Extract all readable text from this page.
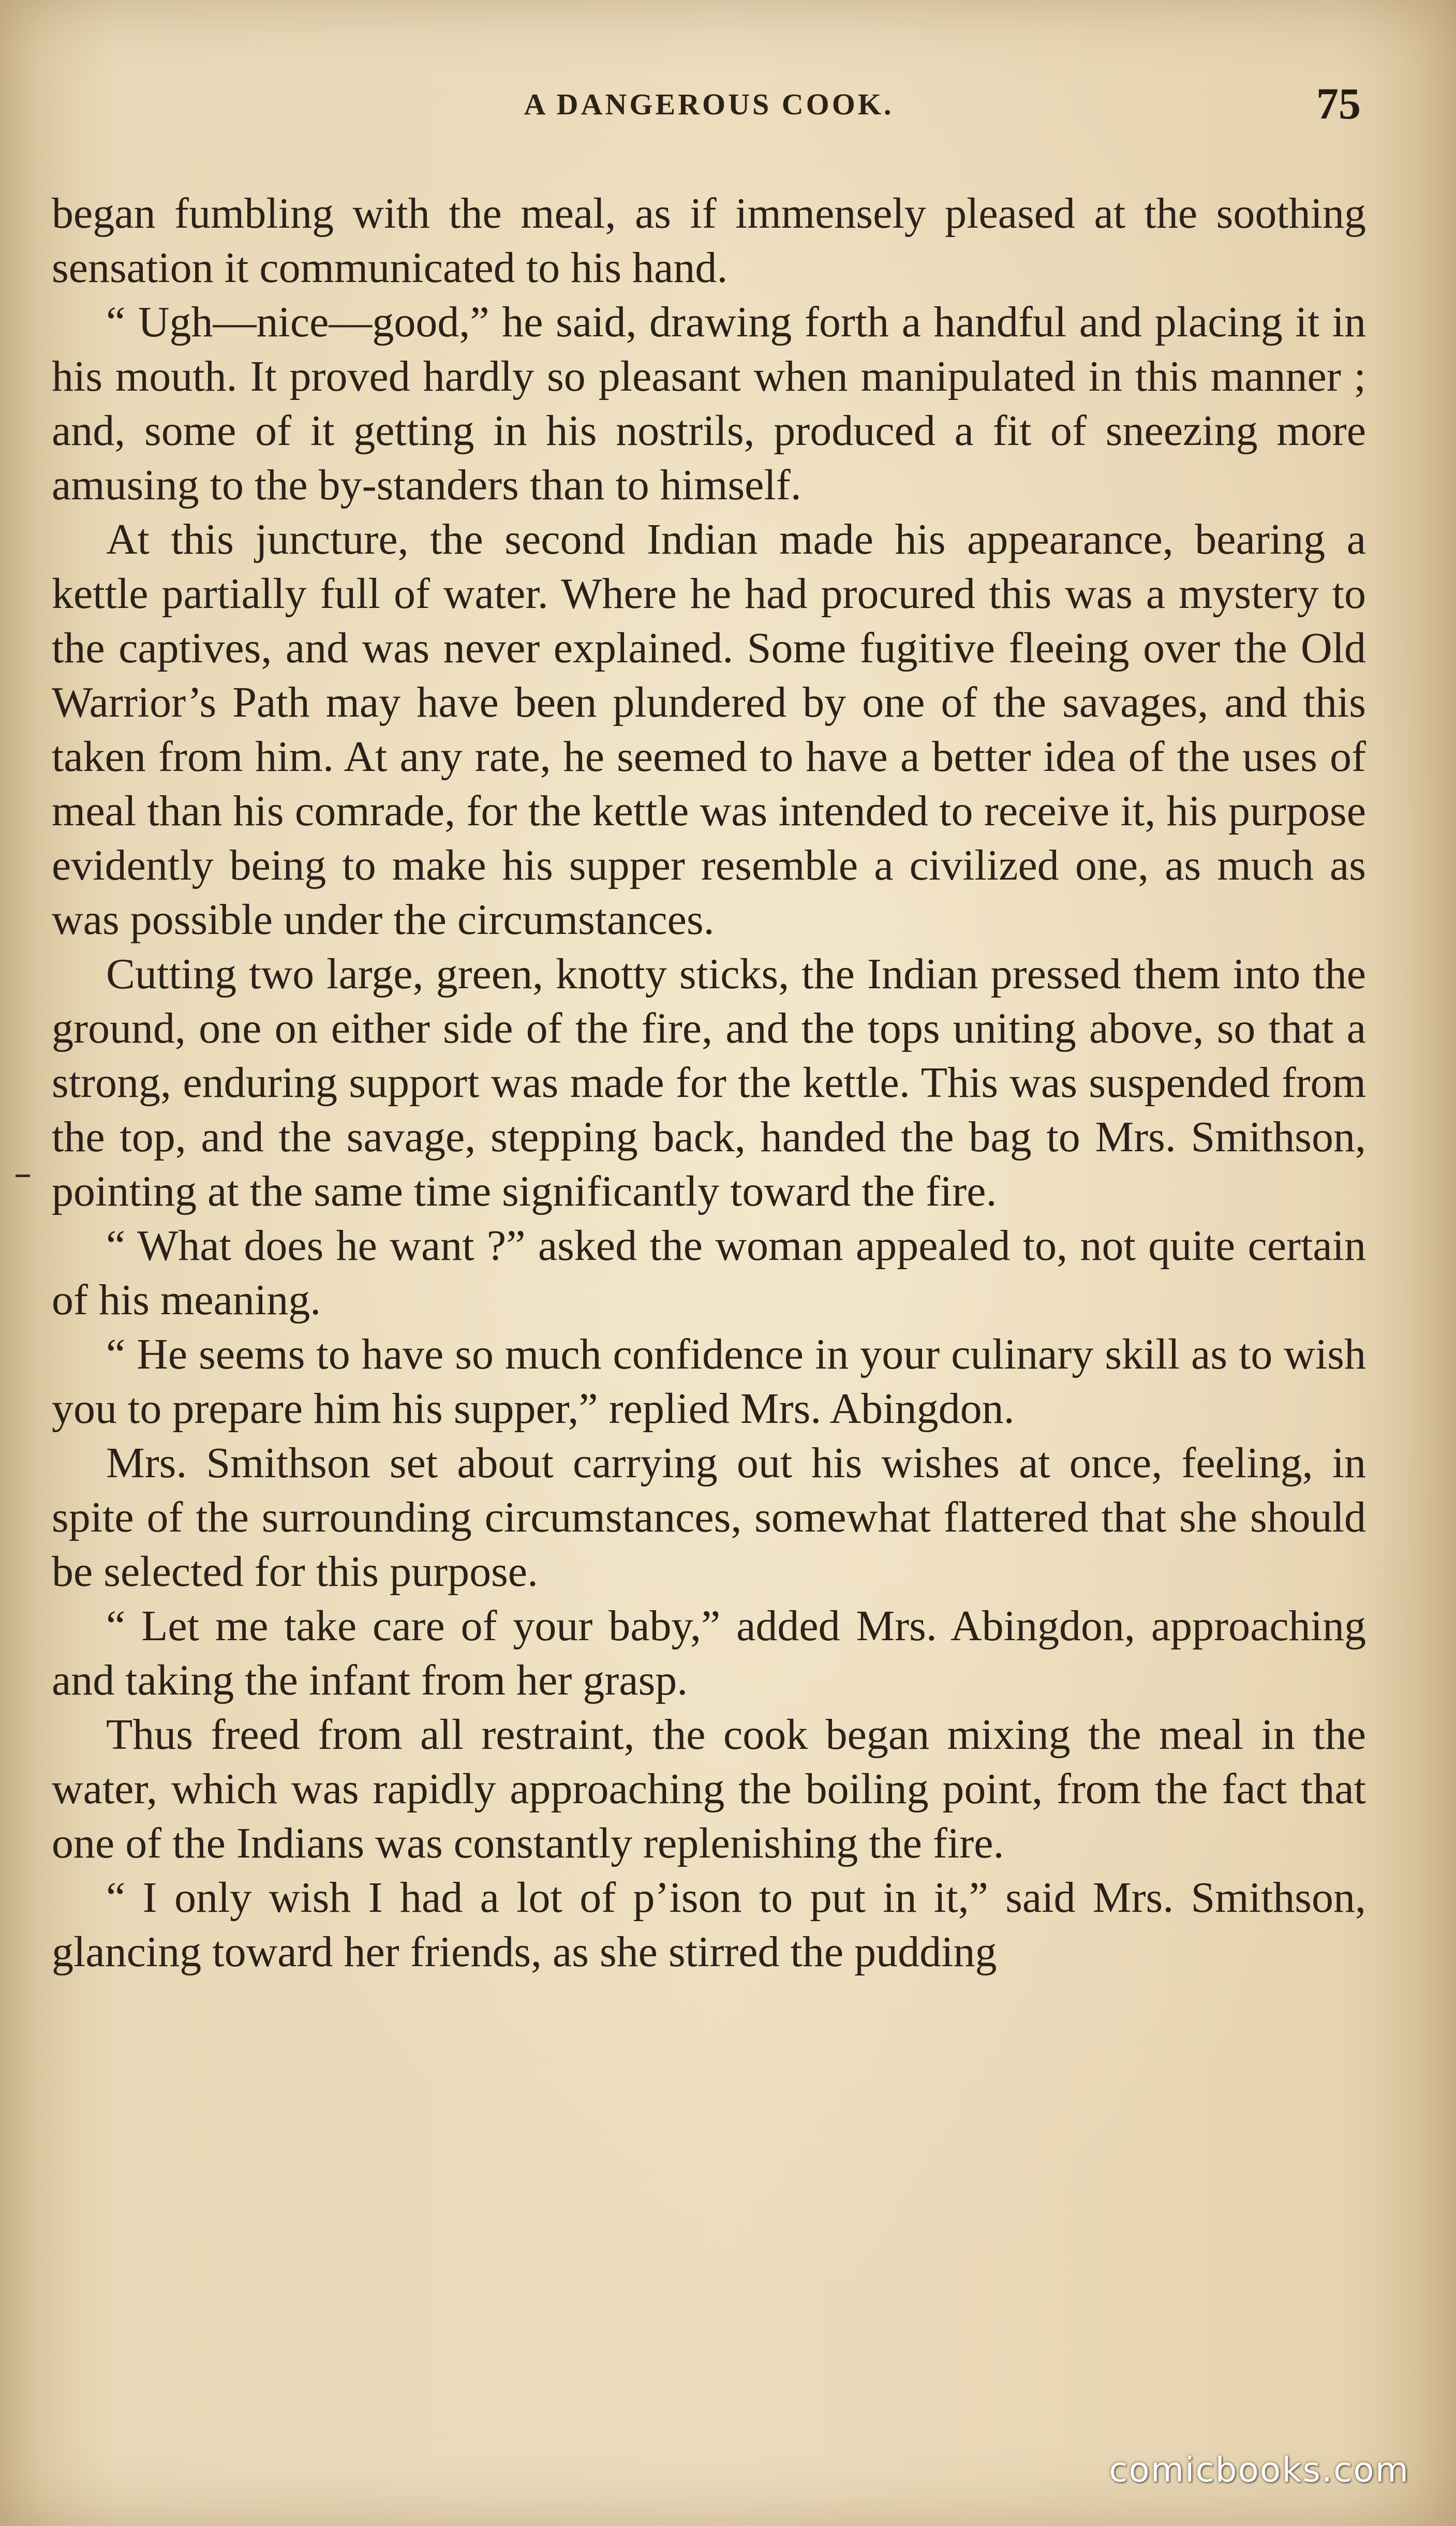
A DANGEROUS COOK.	75

began fumbling with the meal, as if immensely pleased at the soothing sensation it communicated to his hand.

“ Ugh—nice—good,” he said, drawing forth a handful and placing it in his mouth. It proved hardly so pleasant when manipulated in this manner ; and, some of it getting in his nostrils, produced a fit of sneezing more amusing to the by-standers than to himself.

At this juncture, the second Indian made his appearance, bearing a kettle partially full of water. Where he had procured this was a mystery to the captives, and was never explained. Some fugitive fleeing over the Old Warrior’s Path may have been plundered by one of the savages, and this taken from him. At any rate, he seemed to have a better idea of the uses of meal than his comrade, for the kettle was intended to receive it, his purpose evidently being to make his supper resemble a civilized one, as much as was possible under the circumstances.

Cutting two large, green, knotty sticks, the Indian pressed them into the ground, one on either side of the fire, and the tops uniting above, so that a strong, enduring support was made for the kettle. This was suspended from the top, and the savage, stepping back, handed the bag to Mrs. Smithson, pointing at the same time significantly toward the fire.

“ What does he want ?” asked the woman appealed to, not quite certain of his meaning.

“ He seems to have so much confidence in your culinary skill as to wish you to prepare him his supper,” replied Mrs. Abingdon.

Mrs. Smithson set about carrying out his wishes at once, feeling, in spite of the surrounding circumstances, somewhat flattered that she should be selected for this purpose.

“ Let me take care of your baby,” added Mrs. Abingdon, approaching and taking the infant from her grasp.

Thus freed from all restraint, the cook began mixing the meal in the water, which was rapidly approaching the boiling point, from the fact that one of the Indians was constantly replenishing the fire.

“ I only wish I had a lot of p’ison to put in it,” said Mrs. Smithson, glancing toward her friends, as she stirred the pudding

comicbooks.com
